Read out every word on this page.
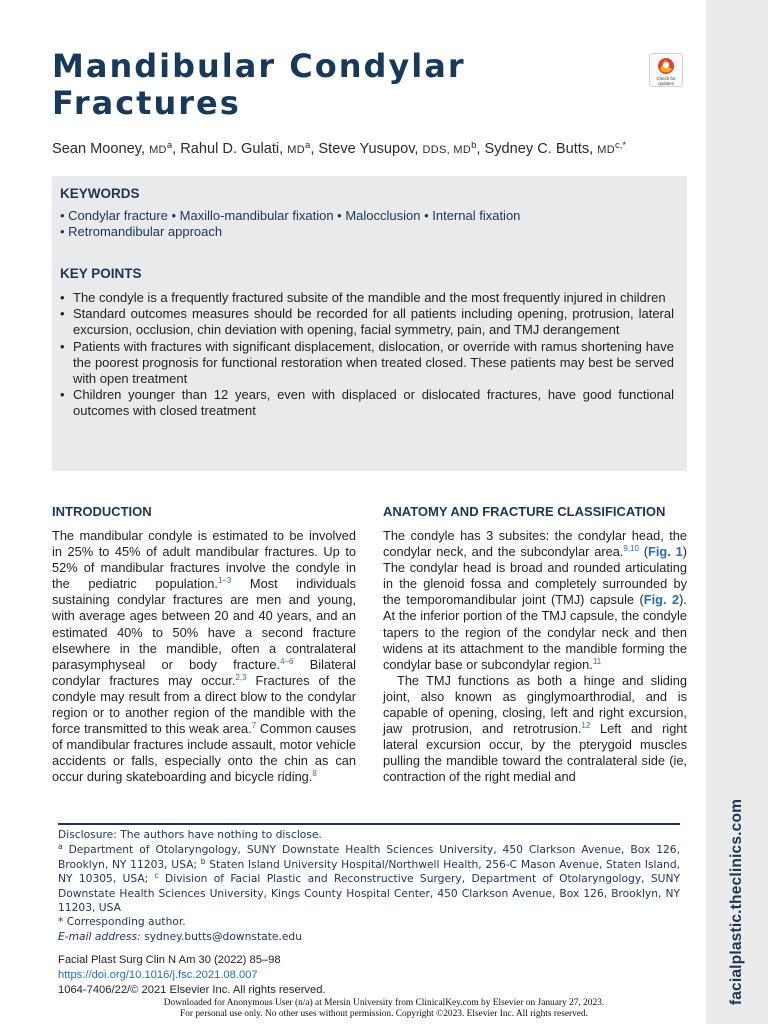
facialplastic.theclinics.com
Mandibular Condylar
Fractures
Check for updates
Sean Mooney, $MD^a$, Rahul D. Gulati, $MD^a$, Steve Yusupov, DDS, $MD^b$, Sydney C. Butts, $MD^{c,*}$
KEYWORDS
• Condylar fracture • Maxillo-mandibular fixation • Malocclusion • Internal fixation
• Retromandibular approach
KEY POINTS
• The condyle is a frequently fractured subsite of the mandible and the most frequently injured in children
• Standard outcomes measures should be recorded for all patients including opening, protrusion, lateral excursion, occlusion, chin deviation with opening, facial symmetry, pain, and TMJ derangement
• Patients with fractures with significant displacement, dislocation, or override with ramus shortening have the poorest prognosis for functional restoration when treated closed. These patients may best be served with open treatment
• Children younger than 12 years, even with displaced or dislocated fractures, have good functional outcomes with closed treatment
INTRODUCTION

The mandibular condyle is estimated to be involved in 25% to 45% of adult mandibular fractures. Up to 52% of mandibular fractures involve the condyle in the pediatric population.$^{1-3}$ Most individuals sustaining condylar fractures are men and young, with average ages between 20 and 40 years, and an estimated 40% to 50% have a second fracture elsewhere in the mandible, often a contralateral parasymphyseal or body fracture.$^{4-6}$ Bilateral condylar fractures may occur.$^{2,3}$ Fractures of the condyle may result from a direct blow to the condylar region or to another region of the mandible with the force transmitted to this weak area.$^7$ Common causes of mandibular fractures include assault, motor vehicle accidents or falls, especially onto the chin as can occur during skateboarding and bicycle riding.$^8$

ANATOMY AND FRACTURE CLASSIFICATION

The condyle has 3 subsites: the condylar head, the condylar neck, and the subcondylar area.$^{9,10}$ (Fig. 1) The condylar head is broad and rounded articulating in the glenoid fossa and completely surrounded by the temporomandibular joint (TMJ) capsule (Fig. 2). At the inferior portion of the TMJ capsule, the condyle tapers to the region of the condylar neck and then widens at its attachment to the mandible forming the condylar base or subcondylar region.$^{11}$

The TMJ functions as both a hinge and sliding joint, also known as ginglymoarthrodial, and is capable of opening, closing, left and right excursion, jaw protrusion, and retrotrusion.$^{12}$ Left and right lateral excursion occur, by the pterygoid muscles pulling the mandible toward the contralateral side (ie, contraction of the right medial and

Disclosure: The authors have nothing to disclose.
$^a$ Department of Otolaryngology, SUNY Downstate Health Sciences University, 450 Clarkson Avenue, Box 126, Brooklyn, NY 11203, USA; $^b$ Staten Island University Hospital/Northwell Health, 256-C Mason Avenue, Staten Island, NY 10305, USA; $^c$ Division of Facial Plastic and Reconstructive Surgery, Department of Otolaryngology, SUNY Downstate Health Sciences University, Kings County Hospital Center, 450 Clarkson Avenue, Box 126, Brooklyn, NY 11203, USA
* Corresponding author.
E-mail address: sydney.butts@downstate.edu
Facial Plast Surg Clin N Am 30 (2022) 85–98
https://doi.org/10.1016/j.fsc.2021.08.007
1064-7406/22/© 2021 Elsevier Inc. All rights reserved.
Downloaded for Anonymous User (n/a) at Mersin University from ClinicalKey.com by Elsevier on January 27, 2023.
For personal use only. No other uses without permission. Copyright ©2023. Elsevier Inc. All rights reserved.
